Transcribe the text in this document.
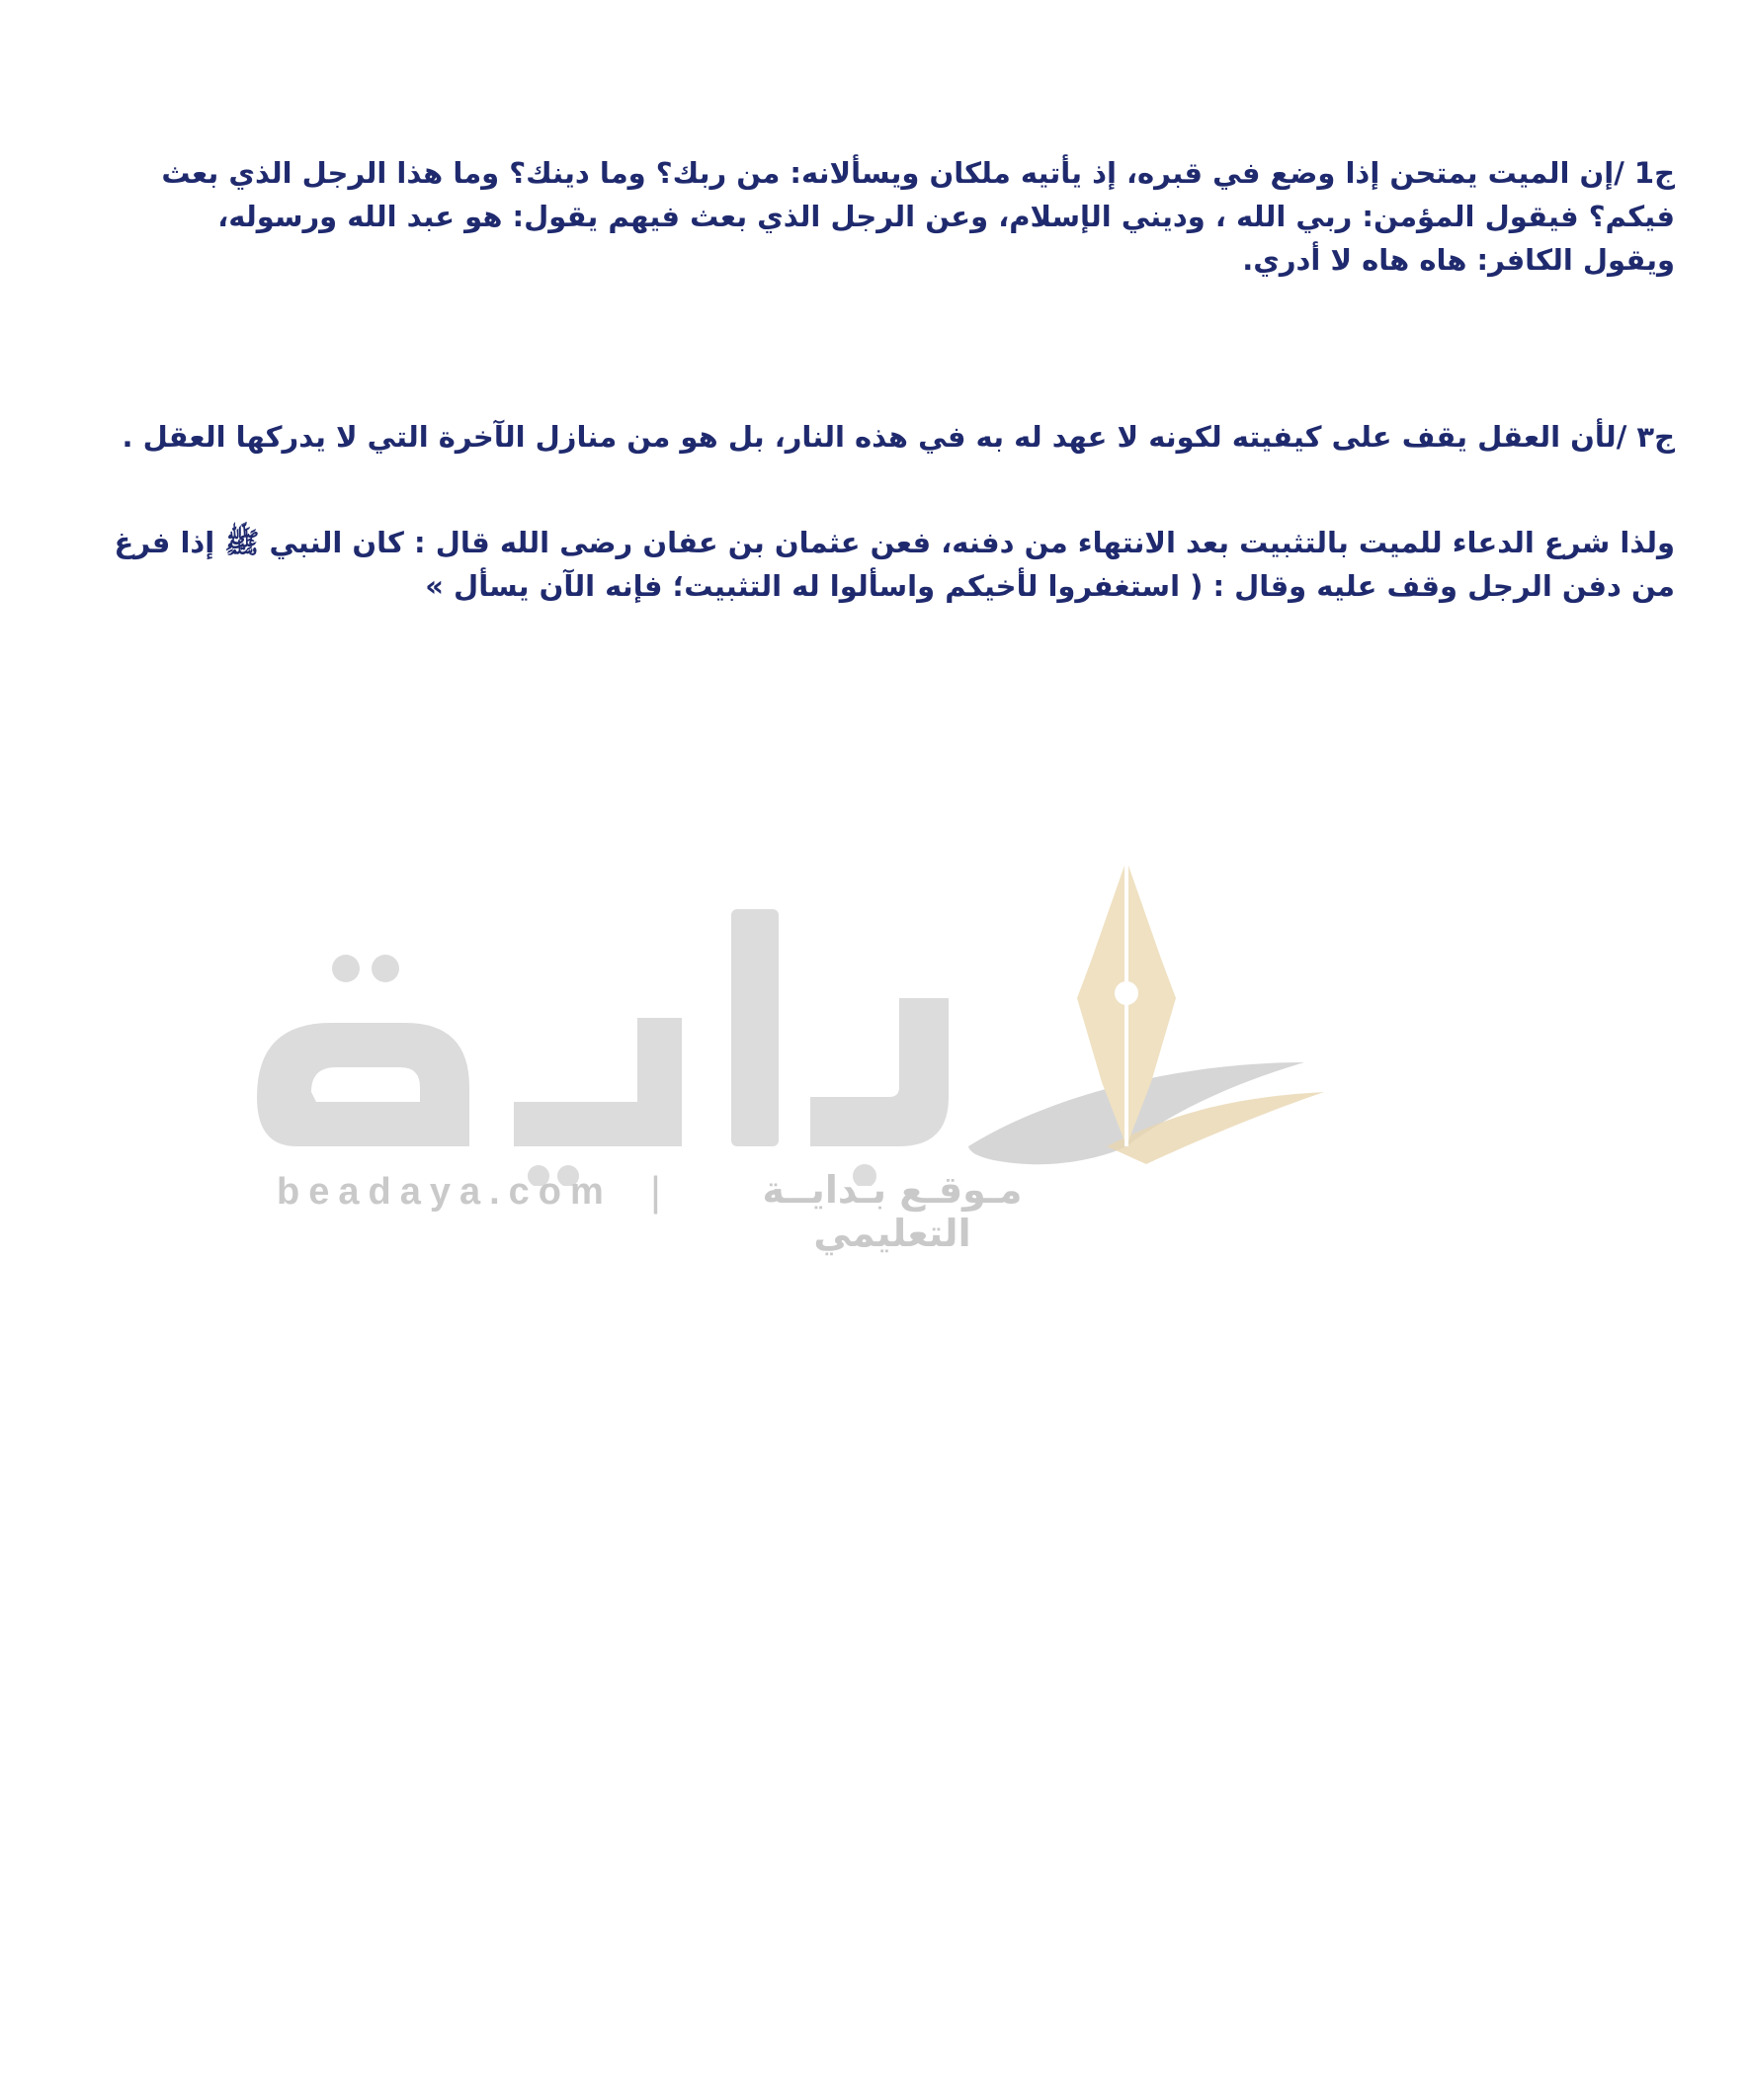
ج1 /إن الميت يمتحن إذا وضع في قبره، إذ يأتيه ملكان ويسألانه: من ربك؟ وما دينك؟ وما هذا الرجل الذي بعث
فيكم؟ فيقول المؤمن: ربي الله ، وديني الإسلام، وعن الرجل الذي بعث فيهم يقول: هو عبد الله ورسوله،
ويقول الكافر: هاه هاه لا أدري.
ج٣ /لأن العقل يقف على كيفيته لكونه لا عهد له به في هذه النار، بل هو من منازل الآخرة التي لا يدركها العقل .
ولذا شرع الدعاء للميت بالتثبيت بعد الانتهاء من دفنه، فعن عثمان بن عفان رضى الله قال : كان النبي ﷺ إذا فرغ
من دفن الرجل وقف عليه وقال : ( استغفروا لأخيكم واسألوا له التثبيت؛ فإنه الآن يسأل »
beadaya.com |	مـوقـع بـدايــة التعليمي
